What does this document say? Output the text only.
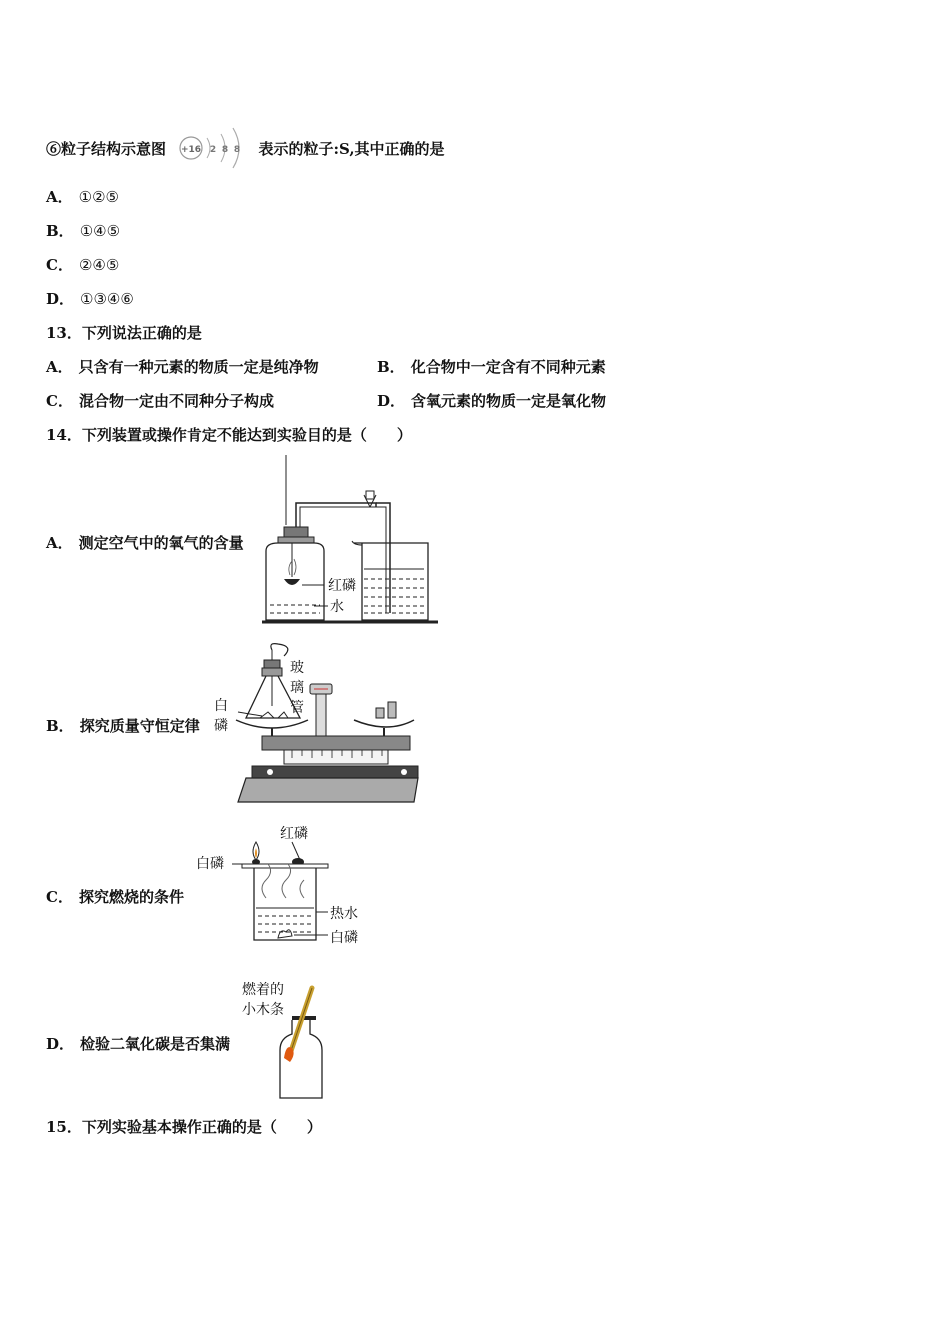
⑥粒子结构示意图 +16 2 8 8 表示的粒子:S,其中正确的是
A． ①②⑤
B． ①④⑤
C． ②④⑤
D． ①③④⑥
13．下列说法正确的是
A． 只含有一种元素的物质一定是纯净物	B． 化合物中一定含有不同种元素
C． 混合物一定由不同种分子构成	D． 含氧元素的物质一定是氧化物
14．下列装置或操作肯定不能达到实验目的是（　　）
A． 测定空气中的氧气的含量
红磷
水
B． 探究质量守恒定律
玻
璃
管
白
磷
C． 探究燃烧的条件
红磷
白磷
热水
白磷
D． 检验二氧化碳是否集满
燃着的
小木条
15．下列实验基本操作正确的是（　　）
